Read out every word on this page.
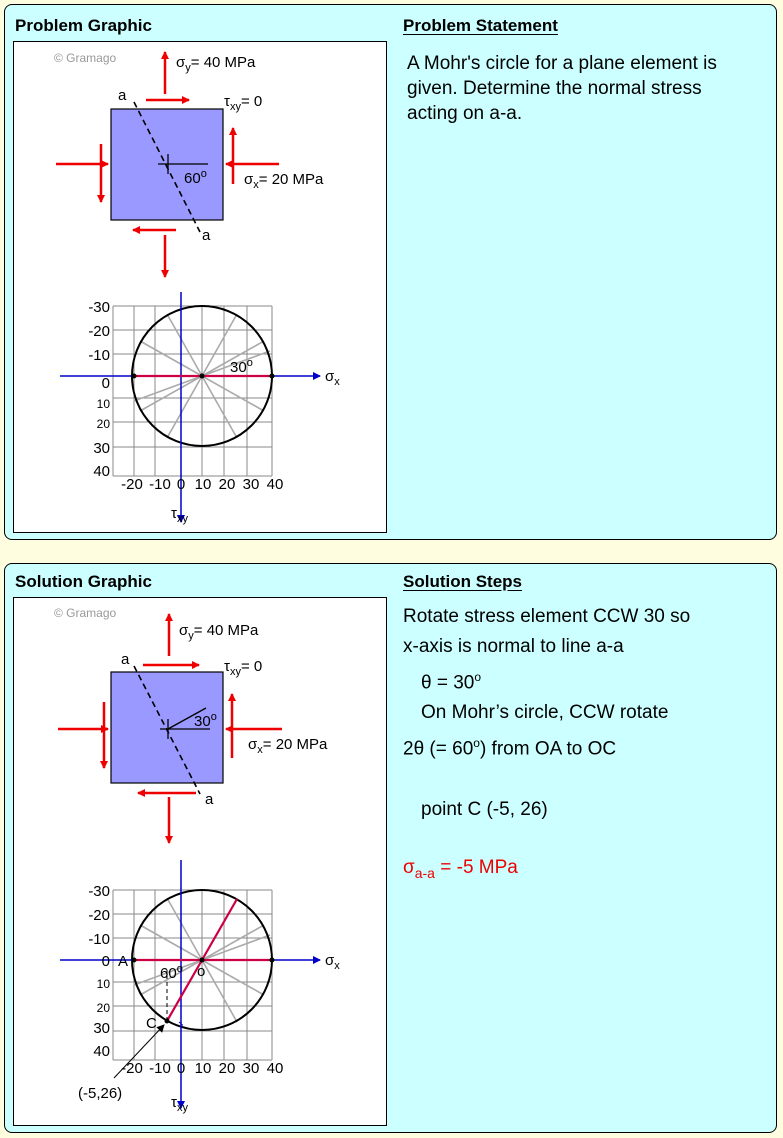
Problem Graphic	Problem Statement
A Mohr's circle for a plane element is
given. Determine the normal stress
acting on a-a.
© Gramago
60$^o$
a
a
$\sigma_y= 40$ MPa
$\tau_{xy}= 0$
$\sigma_x= 20$ MPa
30$^o$
$\sigma_x$
$\tau_{xy}$
-30
-20
-10
0
10
20
30
40
-20 -10 0 10 20 30 40
Solution Graphic	Solution Steps
Rotate stress element CCW 30 so
x-axis is normal to line a-a
$\theta = 30^o$
On Mohr’s circle, CCW rotate
2θ (= $60^o$) from OA to OC
point C (-5, 26)
$\sigma_{a-a} = -5$ MPa
© Gramago
30$^o$
a
a
$\sigma_y= 40$ MPa
$\tau_{xy}= 0$
$\sigma_x= 20$ MPa
A
o
C
60$^o$	$\sigma_x$
$\tau_{xy}$
(-5,26)
-30
-20
-10
0
10
20
30
40
-20 -10 0 10 20 30 40
